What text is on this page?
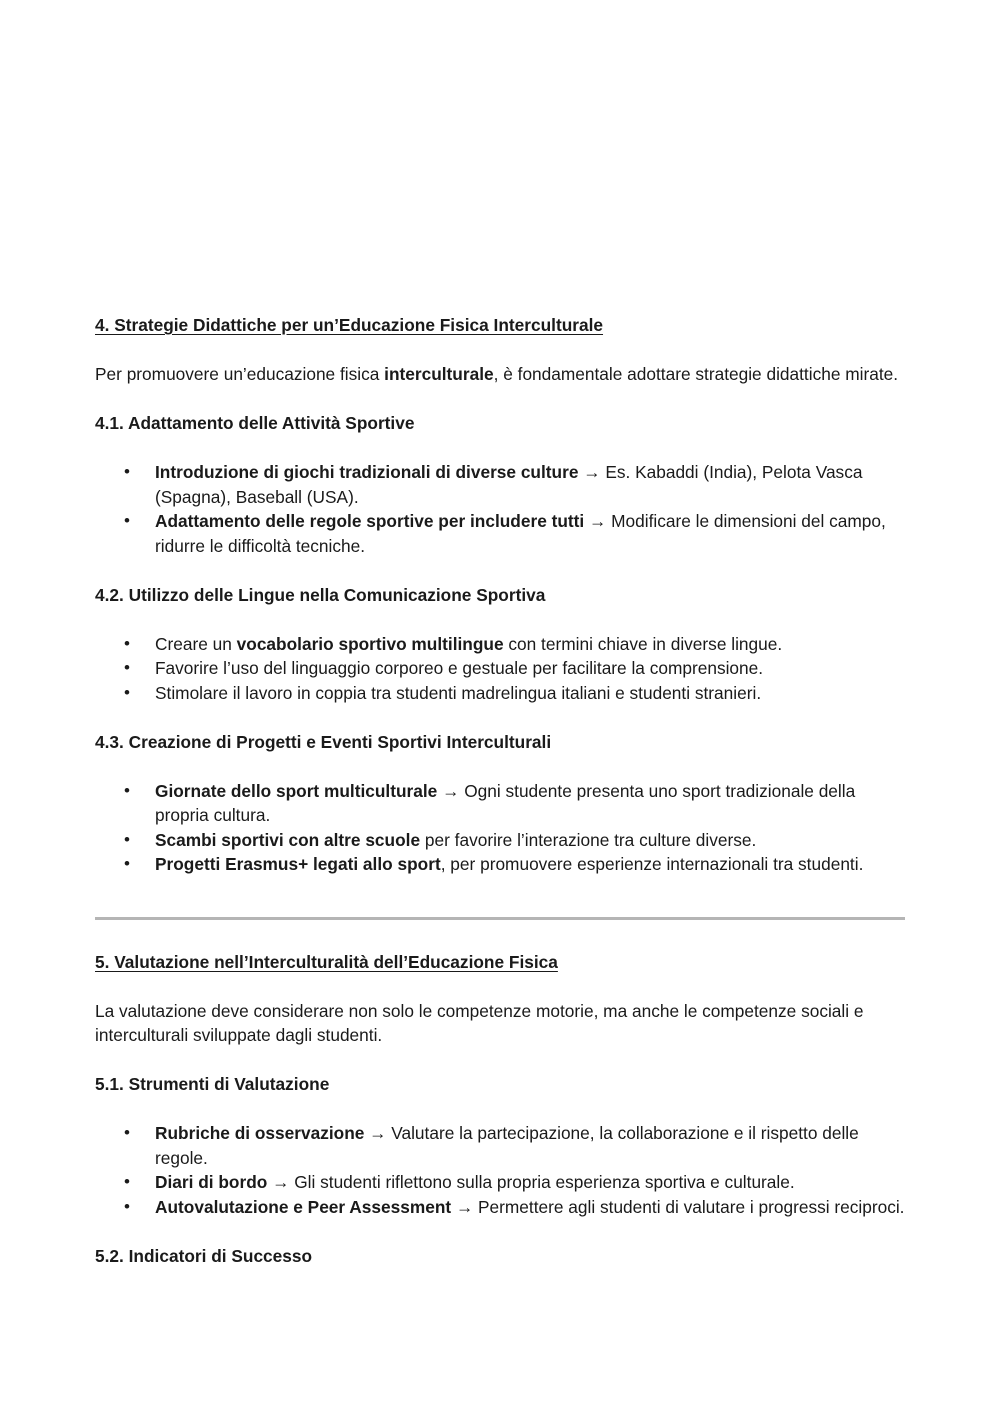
4. Strategie Didattiche per un’Educazione Fisica Interculturale

Per promuovere un’educazione fisica interculturale, è fondamentale adottare strategie didattiche mirate.

4.1. Adattamento delle Attività Sportive

• Introduzione di giochi tradizionali di diverse culture → Es. Kabaddi (India), Pelota Vasca (Spagna), Baseball (USA).
• Adattamento delle regole sportive per includere tutti → Modificare le dimensioni del campo, ridurre le difficoltà tecniche.

4.2. Utilizzo delle Lingue nella Comunicazione Sportiva

• Creare un vocabolario sportivo multilingue con termini chiave in diverse lingue.
• Favorire l’uso del linguaggio corporeo e gestuale per facilitare la comprensione.
• Stimolare il lavoro in coppia tra studenti madrelingua italiani e studenti stranieri.

4.3. Creazione di Progetti e Eventi Sportivi Interculturali

• Giornate dello sport multiculturale → Ogni studente presenta uno sport tradizionale della propria cultura.
• Scambi sportivi con altre scuole per favorire l’interazione tra culture diverse.
• Progetti Erasmus+ legati allo sport, per promuovere esperienze internazionali tra studenti.

5. Valutazione nell’Interculturalità dell’Educazione Fisica

La valutazione deve considerare non solo le competenze motorie, ma anche le competenze sociali e interculturali sviluppate dagli studenti.

5.1. Strumenti di Valutazione

• Rubriche di osservazione → Valutare la partecipazione, la collaborazione e il rispetto delle regole.
• Diari di bordo → Gli studenti riflettono sulla propria esperienza sportiva e culturale.
• Autovalutazione e Peer Assessment → Permettere agli studenti di valutare i progressi reciproci.

5.2. Indicatori di Successo
